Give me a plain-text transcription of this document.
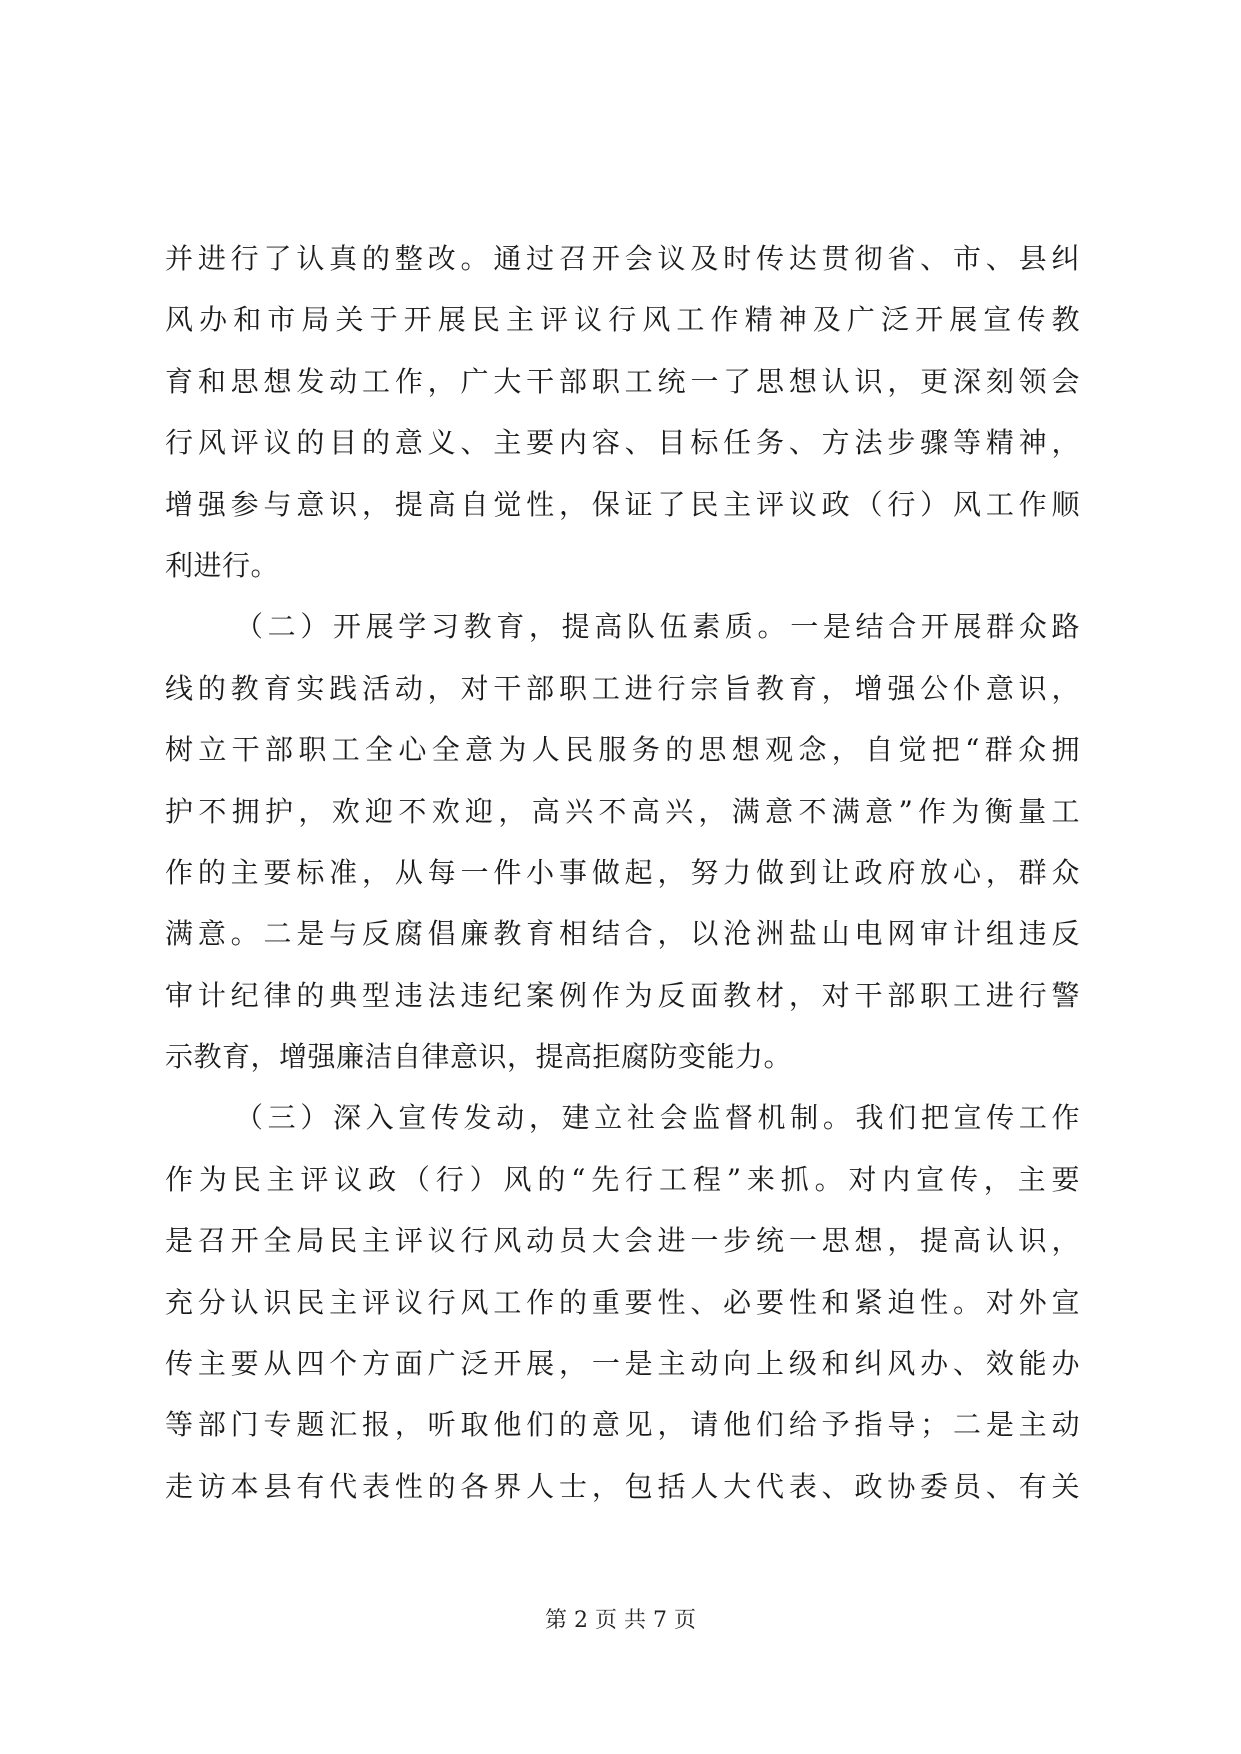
并进行了认真的整改。通过召开会议及时传达贯彻省、市、县纠
风办和市局关于开展民主评议行风工作精神及广泛开展宣传教
育和思想发动工作，广大干部职工统一了思想认识，更深刻领会
行风评议的目的意义、主要内容、目标任务、方法步骤等精神，
增强参与意识，提高自觉性，保证了民主评议政（行）风工作顺
利进行。
（二）开展学习教育，提高队伍素质。一是结合开展群众路
线的教育实践活动，对干部职工进行宗旨教育，增强公仆意识，
树立干部职工全心全意为人民服务的思想观念，自觉把“群众拥
护不拥护，欢迎不欢迎，高兴不高兴，满意不满意”作为衡量工
作的主要标准，从每一件小事做起，努力做到让政府放心，群众
满意。二是与反腐倡廉教育相结合，以沧洲盐山电网审计组违反
审计纪律的典型违法违纪案例作为反面教材，对干部职工进行警
示教育，增强廉洁自律意识，提高拒腐防变能力。
（三）深入宣传发动，建立社会监督机制。我们把宣传工作
作为民主评议政（行）风的“先行工程”来抓。对内宣传，主要
是召开全局民主评议行风动员大会进一步统一思想，提高认识，
充分认识民主评议行风工作的重要性、必要性和紧迫性。对外宣
传主要从四个方面广泛开展，一是主动向上级和纠风办、效能办
等部门专题汇报，听取他们的意见，请他们给予指导；二是主动
走访本县有代表性的各界人士，包括人大代表、政协委员、有关
第 2 页 共 7 页
